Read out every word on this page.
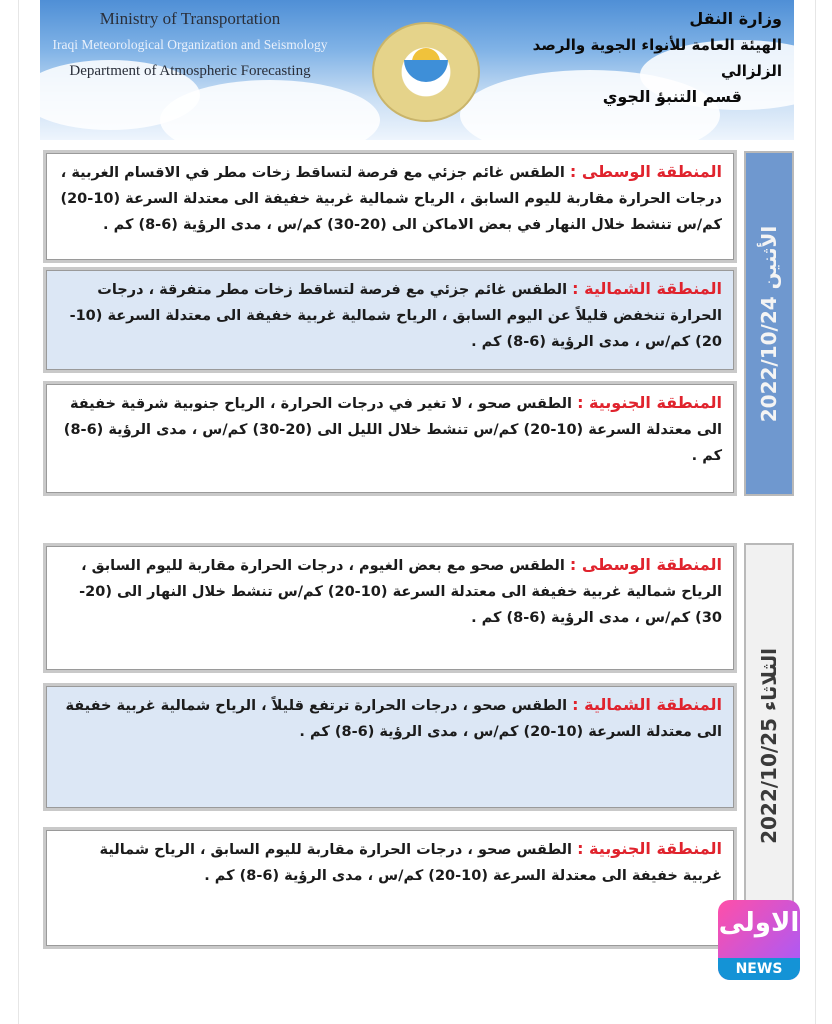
Ministry of Transportation
Iraqi Meteorological Organization and Seismology
Department of Atmospheric Forecasting
وزارة النقل
الهيئة العامة للأنواء الجوية والرصد الزلزالي
قسم التنبؤ الجوي
الأثنين 2022/10/24
المنطقة الوسطى : الطقس غائم جزئي مع فرصة لتساقط زخات مطر في الاقسام الغربية ، درجات الحرارة مقاربة لليوم السابق ، الرياح شمالية غربية خفيفة الى معتدلة السرعة (10-20) كم/س تنشط خلال النهار في بعض الاماكن الى (20-30) كم/س ، مدى الرؤية (6-8) كم .
المنطقة الشمالية : الطقس غائم جزئي مع فرصة لتساقط زخات مطر متفرقة ، درجات الحرارة تنخفض قليلاً عن اليوم السابق ، الرياح شمالية غربية خفيفة الى معتدلة السرعة (10-20) كم/س ، مدى الرؤية (6-8) كم .
المنطقة الجنوبية : الطقس صحو ، لا تغير في درجات الحرارة ، الرياح جنوبية شرقية خفيفة الى معتدلة السرعة (10-20) كم/س تنشط خلال الليل الى (20-30) كم/س ، مدى الرؤية (6-8) كم .
الثلاثاء 2022/10/25
المنطقة الوسطى : الطقس صحو مع بعض الغيوم ، درجات الحرارة مقاربة لليوم السابق ، الرياح شمالية غربية خفيفة الى معتدلة السرعة (10-20) كم/س تنشط خلال النهار الى (20-30) كم/س ، مدى الرؤية (6-8) كم .
المنطقة الشمالية : الطقس صحو ، درجات الحرارة ترتفع قليلاً ، الرياح شمالية غربية خفيفة الى معتدلة السرعة (10-20) كم/س ، مدى الرؤية (6-8) كم .
المنطقة الجنوبية : الطقس صحو ، درجات الحرارة مقاربة لليوم السابق ، الرياح شمالية غربية خفيفة الى معتدلة السرعة (10-20) كم/س ، مدى الرؤية (6-8) كم .
الاولى
NEWS
